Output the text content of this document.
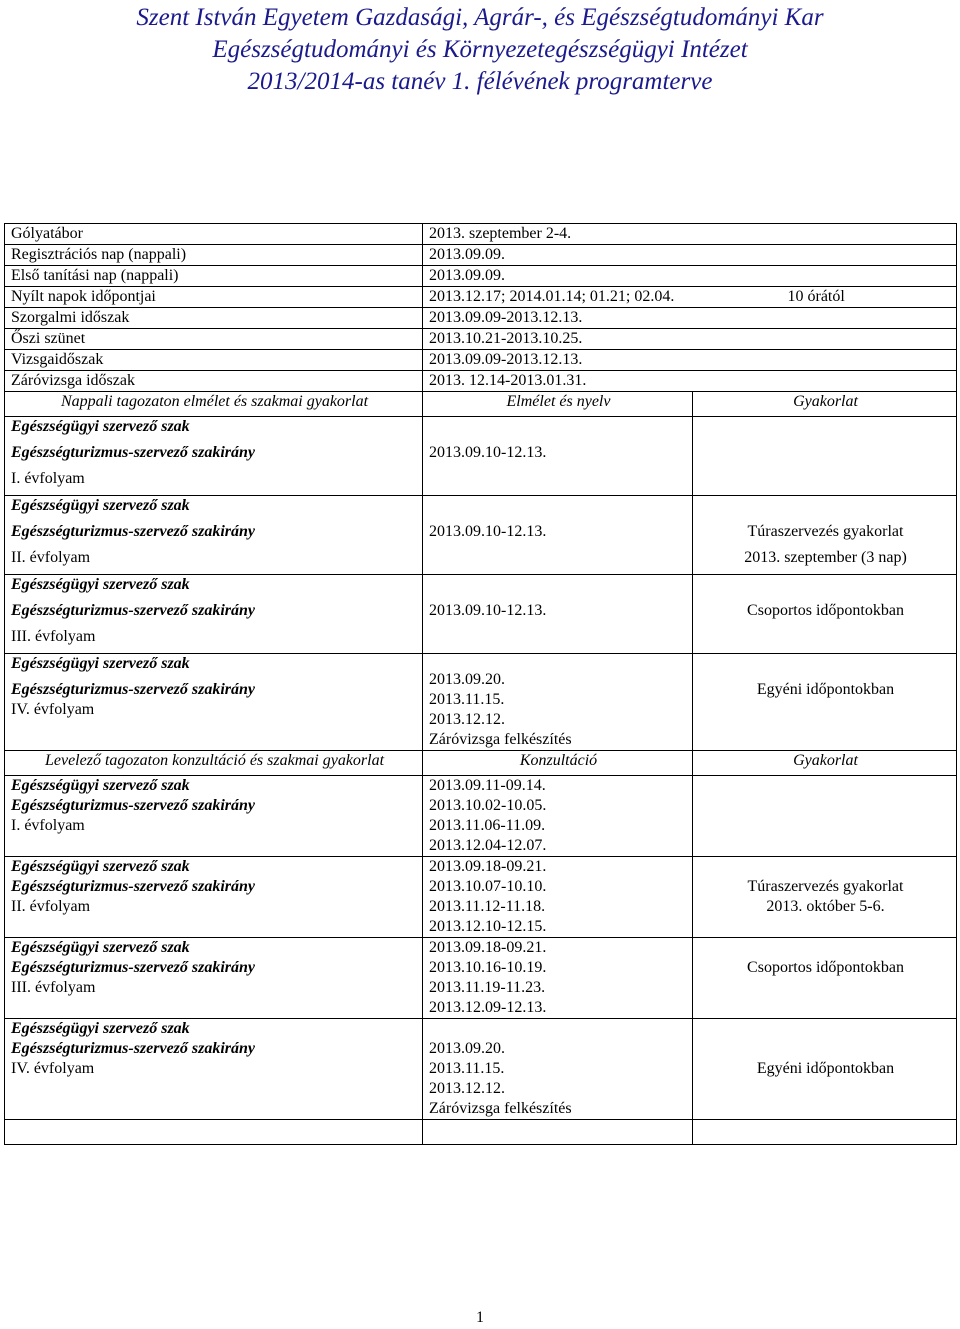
Szent István Egyetem Gazdasági, Agrár-, és Egészségtudományi Kar
Egészségtudományi és Környezetegészségügyi Intézet
2013/2014-as tanév 1. félévének programterve
Gólyatábor	2013. szeptember 2-4.	
Regisztrációs nap (nappali)	2013.09.09.	
Első tanítási nap (nappali)	2013.09.09.	
Nyílt napok időpontjai	2013.12.17; 2014.01.14; 01.21; 02.04.	10 órától
Szorgalmi időszak	2013.09.09-2013.12.13.	
Őszi szünet	2013.10.21-2013.10.25.	
Vizsgaidőszak	2013.09.09-2013.12.13.	
Záróvizsga időszak	2013. 12.14-2013.01.31.	
Nappali tagozaton elmélet és szakmai gyakorlat	Elmélet és nyelv	Gyakorlat

Egészségügyi szervező szak
Egészségturizmus-szervező szakirány
I. évfolyam	2013.09.10-12.13.	

Egészségügyi szervező szak
Egészségturizmus-szervező szakirány
II. évfolyam	2013.09.10-12.13.	Túraszervezés gyakorlat
2013. szeptember (3 nap)

Egészségügyi szervező szak
Egészségturizmus-szervező szakirány
III. évfolyam	2013.09.10-12.13.	Csoportos időpontokban

Egészségügyi szervező szak
Egészségturizmus-szervező szakirány
IV. évfolyam	2013.09.20.
2013.11.15.
2013.12.12.
Záróvizsga felkészítés	Egyéni időpontokban

Levelező tagozaton konzultáció és szakmai gyakorlat	Konzultáció	Gyakorlat

Egészségügyi szervező szak
Egészségturizmus-szervező szakirány
I. évfolyam	2013.09.11-09.14.
2013.10.02-10.05.
2013.11.06-11.09.
2013.12.04-12.07.	

Egészségügyi szervező szak
Egészségturizmus-szervező szakirány
II. évfolyam	2013.09.18-09.21.
2013.10.07-10.10.
2013.11.12-11.18.
2013.12.10-12.15.	Túraszervezés gyakorlat
2013. október 5-6.

Egészségügyi szervező szak
Egészségturizmus-szervező szakirány
III. évfolyam	2013.09.18-09.21.
2013.10.16-10.19.
2013.11.19-11.23.
2013.12.09-12.13.	Csoportos időpontokban

Egészségügyi szervező szak
Egészségturizmus-szervező szakirány
IV. évfolyam	2013.09.20.
2013.11.15.
2013.12.12.
Záróvizsga felkészítés	Egyéni időpontokban

1
